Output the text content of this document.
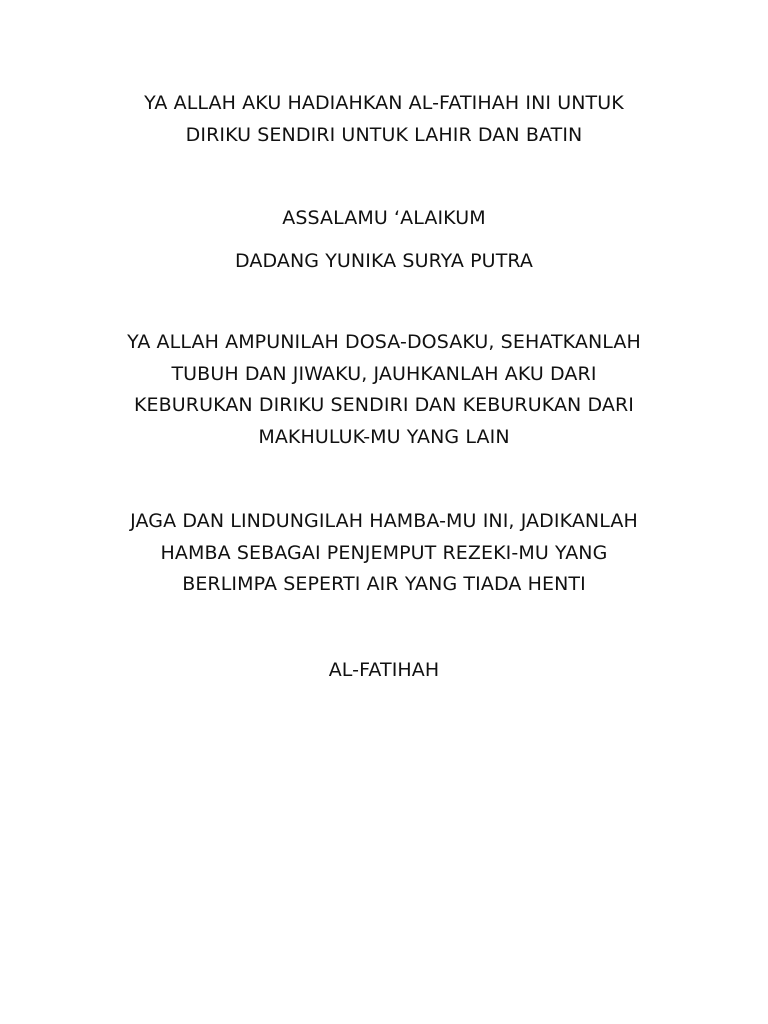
YA ALLAH AKU HADIAHKAN AL-FATIHAH INI UNTUK
DIRIKU SENDIRI UNTUK LAHIR DAN BATIN

ASSALAMU ‘ALAIKUM

DADANG YUNIKA SURYA PUTRA

YA ALLAH AMPUNILAH DOSA-DOSAKU, SEHATKANLAH
TUBUH DAN JIWAKU, JAUHKANLAH AKU DARI
KEBURUKAN DIRIKU SENDIRI DAN KEBURUKAN DARI
MAKHULUK-MU YANG LAIN

JAGA DAN LINDUNGILAH HAMBA-MU INI, JADIKANLAH
HAMBA SEBAGAI PENJEMPUT REZEKI-MU YANG
BERLIMPA SEPERTI AIR YANG TIADA HENTI

AL-FATIHAH
